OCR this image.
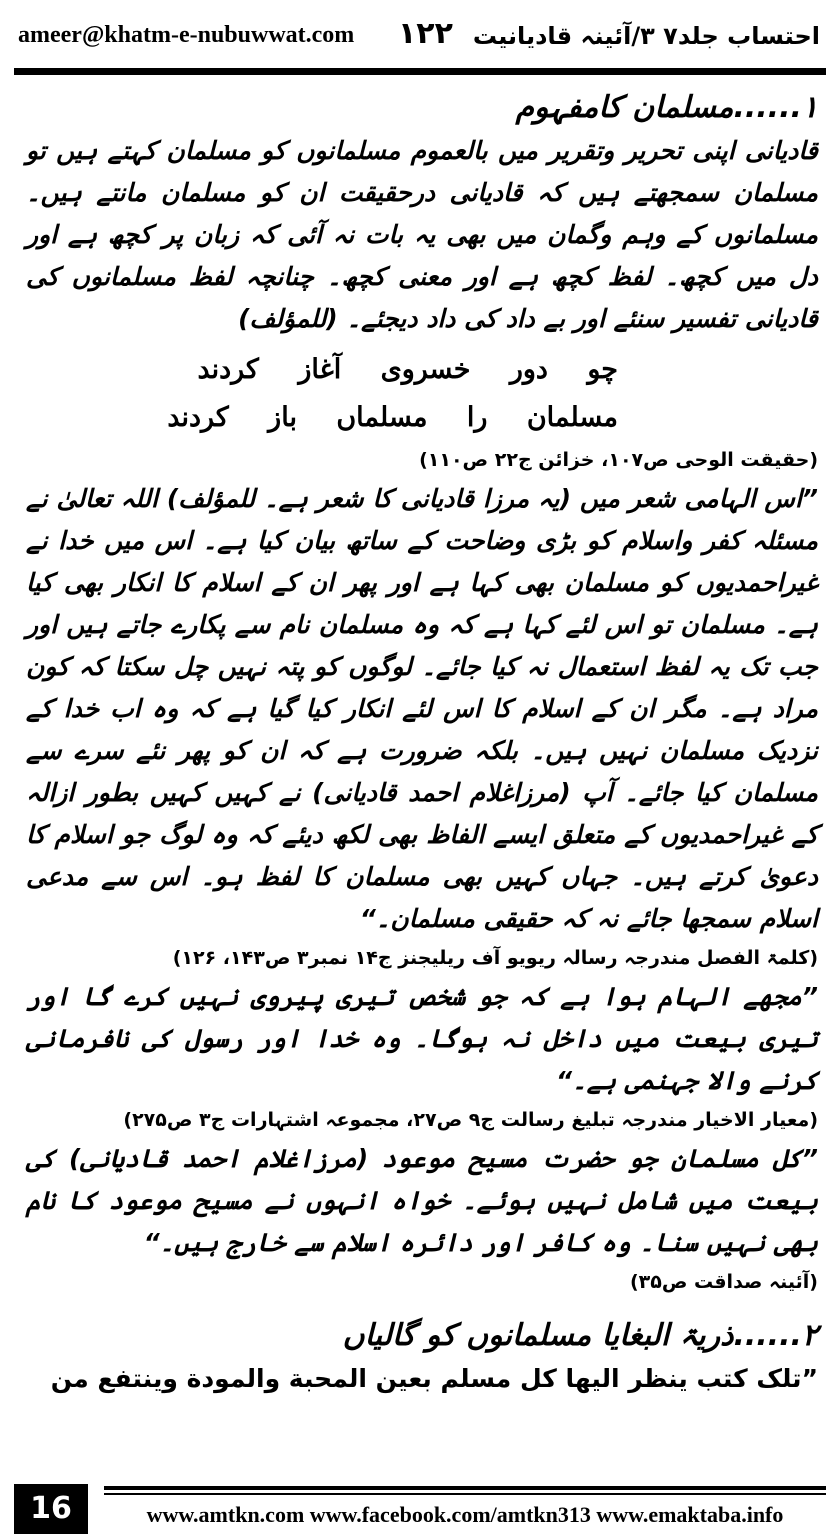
ameer@khatm-e-nubuwwat.com ۱۲۲ احتساب جلد۷ ۳/آئینہ قادیانیت

۱......مسلمان کامفہوم

قادیانی اپنی تحریر وتقریر میں بالعموم مسلمانوں کو مسلمان کہتے ہیں تو مسلمان سمجھتے ہیں کہ قادیانی درحقیقت ان کو مسلمان مانتے ہیں۔ مسلمانوں کے وہم وگمان میں بھی یہ بات نہ آئی کہ زبان پر کچھ ہے اور دل میں کچھ۔ لفظ کچھ ہے اور معنی کچھ۔ چنانچہ لفظ مسلمانوں کی قادیانی تفسیر سنئے اور بے داد کی داد دیجئے۔ (للمؤلف)

چو دور خسروی آغاز کردند

مسلمان را مسلماں باز کردند

(حقیقت الوحی ص۱۰۷، خزائن ج۲۲ ص۱۱۰)

”اس الہامی شعر میں (یہ مرزا قادیانی کا شعر ہے۔ للمؤلف) اللہ تعالیٰ نے مسئلہ کفر واسلام کو بڑی وضاحت کے ساتھ بیان کیا ہے۔ اس میں خدا نے غیراحمدیوں کو مسلمان بھی کہا ہے اور پھر ان کے اسلام کا انکار بھی کیا ہے۔ مسلمان تو اس لئے کہا ہے کہ وہ مسلمان نام سے پکارے جاتے ہیں اور جب تک یہ لفظ استعمال نہ کیا جائے۔ لوگوں کو پتہ نہیں چل سکتا کہ کون مراد ہے۔ مگر ان کے اسلام کا اس لئے انکار کیا گیا ہے کہ وہ اب خدا کے نزدیک مسلمان نہیں ہیں۔ بلکہ ضرورت ہے کہ ان کو پھر نئے سرے سے مسلمان کیا جائے۔ آپ (مرزاغلام احمد قادیانی) نے کہیں کہیں بطور ازالہ کے غیراحمدیوں کے متعلق ایسے الفاظ بھی لکھ دیئے کہ وہ لوگ جو اسلام کا دعویٰ کرتے ہیں۔ جہاں کہیں بھی مسلمان کا لفظ ہو۔ اس سے مدعی اسلام سمجھا جائے نہ کہ حقیقی مسلمان۔“

(کلمۃ الفصل مندرجہ رسالہ ریویو آف ریلیجنز ج۱۴ نمبر۳ ص۱۴۳، ۱۲۶)

”مجھے الہام ہوا ہے کہ جو شخص تیری پیروی نہیں کرے گا اور تیری بیعت میں داخل نہ ہوگا۔ وہ خدا اور رسول کی نافرمانی کرنے والا جہنمی ہے۔“

(معیار الاخیار مندرجہ تبلیغ رسالت ج۹ ص۲۷، مجموعہ اشتہارات ج۳ ص۲۷۵)

”کل مسلمان جو حضرت مسیح موعود (مرزاغلام احمد قادیانی) کی بیعت میں شامل نہیں ہوئے۔ خواہ انہوں نے مسیح موعود کا نام بھی نہیں سنا۔ وہ کافر اور دائرہ اسلام سے خارج ہیں۔“

(آئینہ صداقت ص۳۵)

۲......ذریۃ البغایا مسلمانوں کو گالیاں

”تلک كتب ينظر اليها كل مسلم بعين المحبة والمودة وينتفع من

16	www.amtkn.com www.facebook.com/amtkn313 www.emaktaba.info
